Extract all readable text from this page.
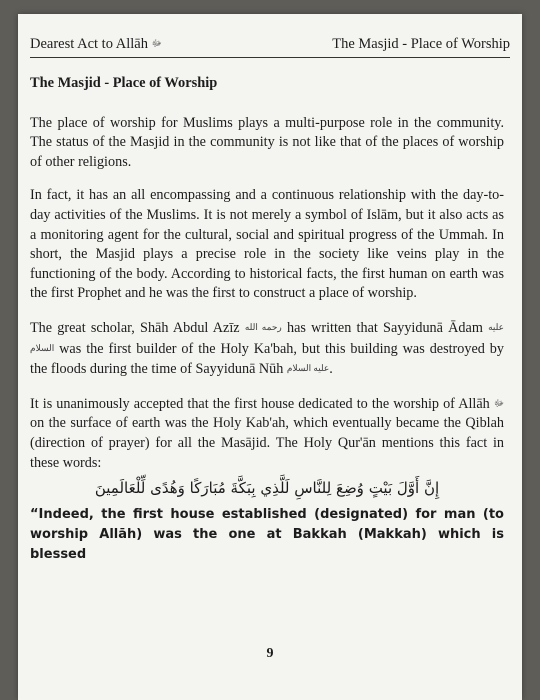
Dearest Act to Allāh ﷻ	The Masjid - Place of Worship
The Masjid - Place of Worship

The place of worship for Muslims plays a multi-purpose role in the community. The status of the Masjid in the community is not like that of the places of worship of other religions.

In fact, it has an all encompassing and a continuous relationship with the day-to-day activities of the Muslims. It is not merely a symbol of Islām, but it also acts as a monitoring agent for the cultural, social and spiritual progress of the Ummah. In short, the Masjid plays a precise role in the society like veins play in the functioning of the body. According to historical facts, the first human on earth was the first Prophet and he was the first to construct a place of worship.

The great scholar, Shāh Abdul Azīz رحمه الله has written that Sayyidunā Ādam عليه السلام was the first builder of the Holy Ka'bah, but this building was destroyed by the floods during the time of Sayyidunā Nūh عليه السلام.

It is unanimously accepted that the first house dedicated to the worship of Allāh ﷻ on the surface of earth was the Holy Kab'ah, which eventually became the Qiblah (direction of prayer) for all the Masājid. The Holy Qur'ān mentions this fact in these words:

إِنَّ أَوَّلَ بَيْتٍ وُضِعَ لِلنَّاسِ لَلَّذِي بِبَكَّةَ مُبَارَكًا وَهُدًى لِّلْعَالَمِينَ

“Indeed, the first house established (designated) for man (to worship Allāh) was the one at Bakkah (Makkah) which is blessed

9
